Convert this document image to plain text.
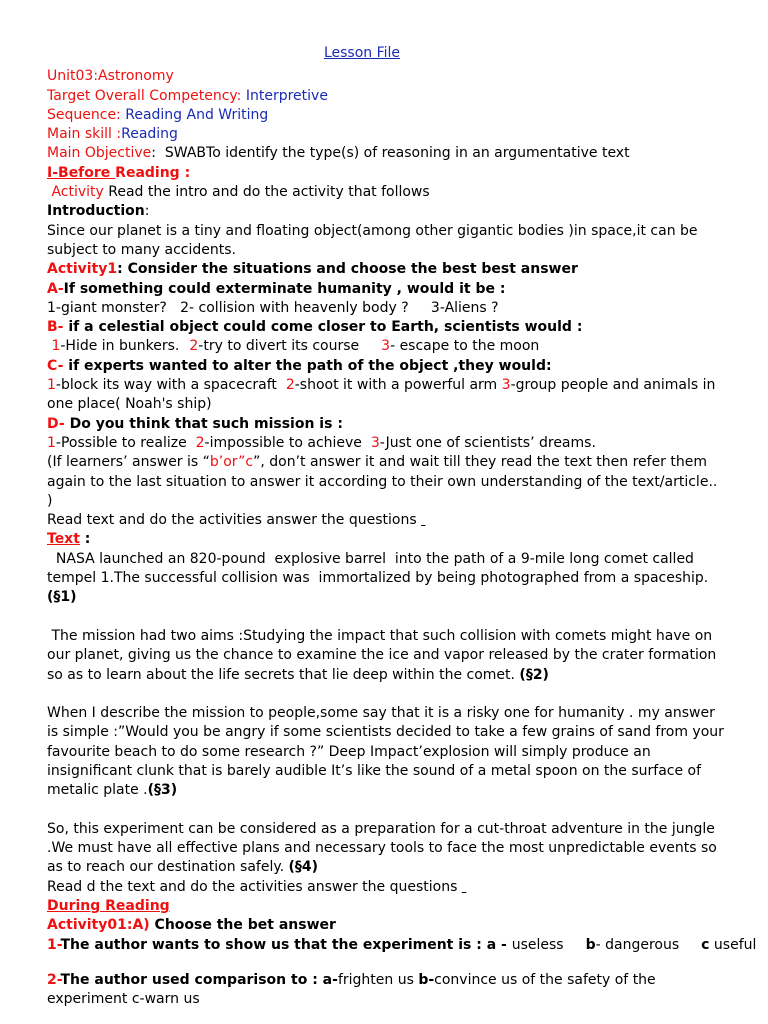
Lesson File
Unit03:Astronomy
Target Overall Competency: Interpretive
Sequence: Reading And Writing
Main skill :Reading
Main Objective: SWABTo identify the type(s) of reasoning in an argumentative text
I-Before Reading :
Activity Read the intro and do the activity that follows
Introduction:
Since our planet is a tiny and floating object(among other gigantic bodies )in space,it can be subject to many accidents.
Activity1: Consider the situations and choose the best best answer
A-If something could exterminate humanity , would it be :
1-giant monster?   2- collision with heavenly body ?     3-Aliens ?
B- if a celestial object could come closer to Earth, scientists would :
1-Hide in bunkers. 2-try to divert its course 3- escape to the moon
C- if experts wanted to alter the path of the object ,they would:
1-block its way with a spacecraft 2-shoot it with a powerful arm 3-group people and animals in one place( Noah's ship)
D- Do you think that such mission is :
1-Possible to realize 2-impossible to achieve 3-Just one of scientists’ dreams.
(If learners’ answer is “b’or”c”, don’t answer it and wait till they read the text then refer them again to the last situation to answer it according to their own understanding of the text/article.. )
Read text and do the activities answer the questions
Text :
NASA launched an 820-pound  explosive barrel  into the path of a 9-mile long comet called tempel 1.The successful collision was  immortalized by being photographed from a spaceship.  (§1)
The mission had two aims :Studying the impact that such collision with comets might have on our planet, giving us the chance to examine the ice and vapor released by the crater formation so as to learn about the life secrets that lie deep within the comet. (§2)
When I describe the mission to people,some say that it is a risky one for humanity . my answer is simple :”Would you be angry if some scientists decided to take a few grains of sand from your favourite beach to do some research ?” Deep Impact’explosion will simply produce an insignificant clunk that is barely audible It’s like the sound of a metal spoon on the surface of metalic plate .(§3)
So, this experiment can be considered as a preparation for a cut-throat adventure in the jungle .We must have all effective plans and necessary tools to face the most unpredictable events so as to reach our destination safely. (§4)
Read d the text and do the activities answer the questions
During Reading
Activity01:A) Choose the bet answer
1-The author wants to show us that the experiment is : a - useless b- dangerous c useful
2-The author used comparison to : a-frighten us b-convince us of the safety of the experiment c-warn us
